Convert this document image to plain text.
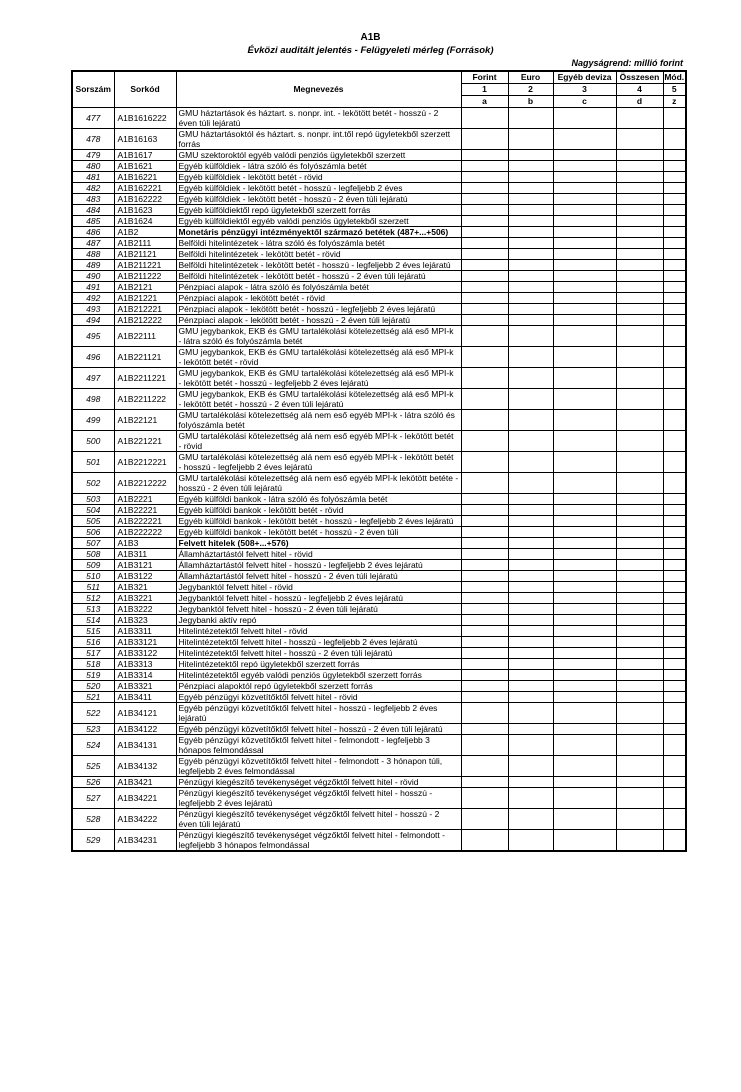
A1B
Évközi auditált jelentés - Felügyeleti mérleg (Források)
Nagyságrend: millió forint
Sorszám	Sorkód	Megnevezés	Forint	Euro	Egyéb deviza	Összesen	Mód.
			1	2	3	4	5
			a	b	c	d	z
477	A1B1616222	GMU háztartások és háztart. s. nonpr. int. - lekötött betét - hosszú - 2 éven túli lejáratú					
478	A1B16163	GMU háztartásoktól és háztart. s. nonpr. int.től repó ügyletekből szerzett forrás					
479	A1B1617	GMU szektoroktól egyéb valódi penziós ügyletekből szerzett					
480	A1B1621	Egyéb külföldiek - látra szóló és folyószámla betét					
481	A1B16221	Egyéb külföldiek - lekötött betét - rövid					
482	A1B162221	Egyéb külföldiek - lekötött betét - hosszú - legfeljebb 2 éves					
483	A1B162222	Egyéb külföldiek - lekötött betét - hosszú - 2 éven túli lejáratú					
484	A1B1623	Egyéb külföldiektől repó ügyletekből szerzett forrás					
485	A1B1624	Egyéb külföldiektől egyéb valódi penziós ügyletekből szerzett					
486	A1B2	Monetáris pénzügyi intézményektől származó betétek (487+...+506)					
487	A1B2111	Belföldi hitelintézetek - látra szóló és folyószámla betét					
488	A1B21121	Belföldi hitelintézetek - lekötött betét - rövid					
489	A1B211221	Belföldi hitelintézetek - lekötött betét - hosszú - legfeljebb 2 éves lejáratú					
490	A1B211222	Belföldi hitelintézetek - lekötött betét - hosszú - 2 éven túli lejáratú					
491	A1B2121	Pénzpiaci alapok - látra szóló és folyószámla betét					
492	A1B21221	Pénzpiaci alapok - lekötött betét - rövid					
493	A1B212221	Pénzpiaci alapok - lekötött betét - hosszú - legfeljebb 2 éves lejáratú					
494	A1B212222	Pénzpiaci alapok - lekötött betét - hosszú - 2 éven túli lejáratú					
495	A1B22111	GMU jegybankok, EKB és GMU tartalékolási kötelezettség alá eső MPI-k - látra szóló és folyószámla betét					
496	A1B221121	GMU jegybankok, EKB és GMU tartalékolási kötelezettség alá eső MPI-k - lekötött betét - rövid					
497	A1B2211221	GMU jegybankok, EKB és GMU tartalékolási kötelezettség alá eső MPI-k - lekötött betét - hosszú - legfeljebb 2 éves lejáratú					
498	A1B2211222	GMU jegybankok, EKB és GMU tartalékolási kötelezettség alá eső MPI-k - lekötött betét - hosszú - 2 éven túli lejáratú					
499	A1B22121	GMU tartalékolási kötelezettség alá nem eső egyéb MPI-k - látra szóló és folyószámla betét					
500	A1B221221	GMU tartalékolási kötelezettség alá nem eső egyéb MPI-k - lekötött betét - rövid					
501	A1B2212221	GMU tartalékolási kötelezettség alá nem eső egyéb MPI-k - lekötött betét - hosszú - legfeljebb 2 éves lejáratú					
502	A1B2212222	GMU tartalékolási kötelezettség alá nem eső egyéb MPI-k lekötött betéte - hosszú - 2 éven túli lejáratú					
503	A1B2221	Egyéb külföldi bankok - látra szóló és folyószámla betét					
504	A1B22221	Egyéb külföldi bankok - lekötött betét - rövid					
505	A1B222221	Egyéb külföldi bankok - lekötött betét - hosszú - legfeljebb 2 éves lejáratú					
506	A1B222222	Egyéb külföldi bankok - lekötött betét - hosszú - 2 éven túli					
507	A1B3	Felvett hitelek (508+...+576)					
508	A1B311	Államháztartástól felvett hitel - rövid					
509	A1B3121	Államháztartástól felvett hitel - hosszú - legfeljebb 2 éves lejáratú					
510	A1B3122	Államháztartástól felvett hitel - hosszú - 2 éven túli lejáratú					
511	A1B321	Jegybanktól felvett hitel - rövid					
512	A1B3221	Jegybanktól felvett hitel - hosszú - legfeljebb 2 éves lejáratú					
513	A1B3222	Jegybanktól felvett hitel - hosszú - 2 éven túli lejáratú					
514	A1B323	Jegybanki aktív repó					
515	A1B3311	Hitelintézetektől felvett hitel - rövid					
516	A1B33121	Hitelintézetektől felvett hitel - hosszú - legfeljebb 2 éves lejáratú					
517	A1B33122	Hitelintézetektől felvett hitel - hosszú - 2 éven túli lejáratú					
518	A1B3313	Hitelintézetektől repó ügyletekből szerzett forrás					
519	A1B3314	Hitelintézetektől egyéb valódi penziós ügyletekből szerzett forrás					
520	A1B3321	Pénzpiaci alapoktól repó ügyletekből szerzett forrás					
521	A1B3411	Egyéb pénzügyi közvetítőktől felvett hitel - rövid					
522	A1B34121	Egyéb pénzügyi közvetítőktől felvett hitel - hosszú - legfeljebb 2 éves lejáratú					
523	A1B34122	Egyéb pénzügyi közvetítőktől felvett hitel - hosszú - 2 éven túli lejáratú					
524	A1B34131	Egyéb pénzügyi közvetítőktől felvett hitel - felmondott - legfeljebb 3 hónapos felmondással					
525	A1B34132	Egyéb pénzügyi közvetítőktől felvett hitel - felmondott - 3 hónapon túli, legfeljebb 2 éves felmondással					
526	A1B3421	Pénzügyi kiegészítő tevékenységet végzőktől felvett hitel - rövid					
527	A1B34221	Pénzügyi kiegészítő tevékenységet végzőktől felvett hitel - hosszú - legfeljebb 2 éves lejáratú					
528	A1B34222	Pénzügyi kiegészítő tevékenységet végzőktől felvett hitel - hosszú - 2 éven túli lejáratú					
529	A1B34231	Pénzügyi kiegészítő tevékenységet végzőktől felvett hitel - felmondott - legfeljebb 3 hónapos felmondással					
